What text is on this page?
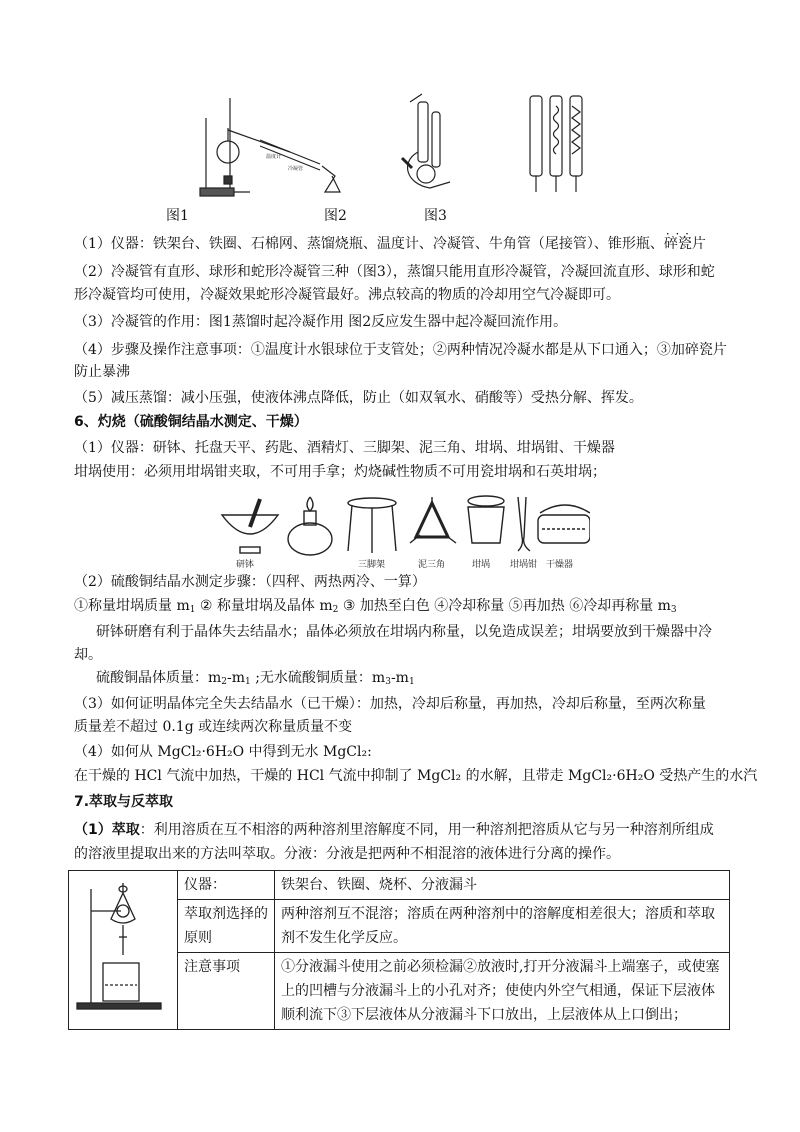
温度计
冷凝管
图1	图2	图3
（1）仪器：铁架台、铁圈、石棉网、蒸馏烧瓶、温度计、冷凝管、牛角管（尾接管）、锥形瓶、· · · 碎瓷片
（2）冷凝管有直形、球形和蛇形冷凝管三种（图3），蒸馏只能用直形冷凝管，冷凝回流直形、球形和蛇
形冷凝管均可使用，冷凝效果蛇形冷凝管最好。沸点较高的物质的冷却用空气冷凝即可。
（3）冷凝管的作用：图1蒸馏时起冷凝作用 图2反应发生器中起冷凝回流作用。
（4）步骤及操作注意事项：①温度计水银球位于支管处；②两种情况冷凝水都是从下口通入；③加碎瓷片
防止暴沸
（5）减压蒸馏：减小压强，使液体沸点降低，防止（如双氧水、硝酸等）受热分解、挥发。
6、灼烧（硫酸铜结晶水测定、干燥）
（1）仪器：研钵、托盘天平、药匙、酒精灯、三脚架、泥三角、坩埚、坩埚钳、干燥器
坩埚使用：必须用坩埚钳夹取，不可用手拿；灼烧碱性物质不可用瓷坩埚和石英坩埚；
研钵	三脚架	泥三角	坩埚 坩埚钳 干燥器
（2）硫酸铜结晶水测定步骤：（四秤、两热两冷、一算）
①称量坩埚质量 $m_1$ ② 称量坩埚及晶体 $m_2$ ③ 加热至白色 ④冷却称量 ⑤再加热 ⑥冷却再称量 $m_3$
研钵研磨有利于晶体失去结晶水；晶体必须放在坩埚内称量，以免造成误差；坩埚要放到干燥器中冷
却。
硫酸铜晶体质量：$m_2-m_1$ ;无水硫酸铜质量：$m_3-m_1$
（3）如何证明晶体完全失去结晶水（已干燥）：加热，冷却后称量，再加热，冷却后称量，至两次称量
质量差不超过 0.1g 或连续两次称量质量不变
（4）如何从 MgCl₂·6H₂O 中得到无水 MgCl₂:
在干燥的 HCl 气流中加热，干燥的 HCl 气流中抑制了 MgCl₂ 的水解，且带走 MgCl₂·6H₂O 受热产生的水汽
7.萃取与反萃取
（1）萃取：利用溶质在互不相溶的两种溶剂里溶解度不同，用一种溶剂把溶质从它与另一种溶剂所组成
的溶液里提取出来的方法叫萃取。分液：分液是把两种不相混溶的液体进行分离的操作。
	仪器：	铁架台、铁圈、烧杯、分液漏斗
	萃取剂选择的原则	两种溶剂互不混溶；溶质在两种溶剂中的溶解度相差很大；溶质和萃取剂不发生化学反应。
	注意事项	①分液漏斗使用之前必须检漏②放液时,打开分液漏斗上端塞子，或使塞上的凹槽与分液漏斗上的小孔对齐；使使内外空气相通，保证下层液体顺利流下③下层液体从分液漏斗下口放出，上层液体从上口倒出；
